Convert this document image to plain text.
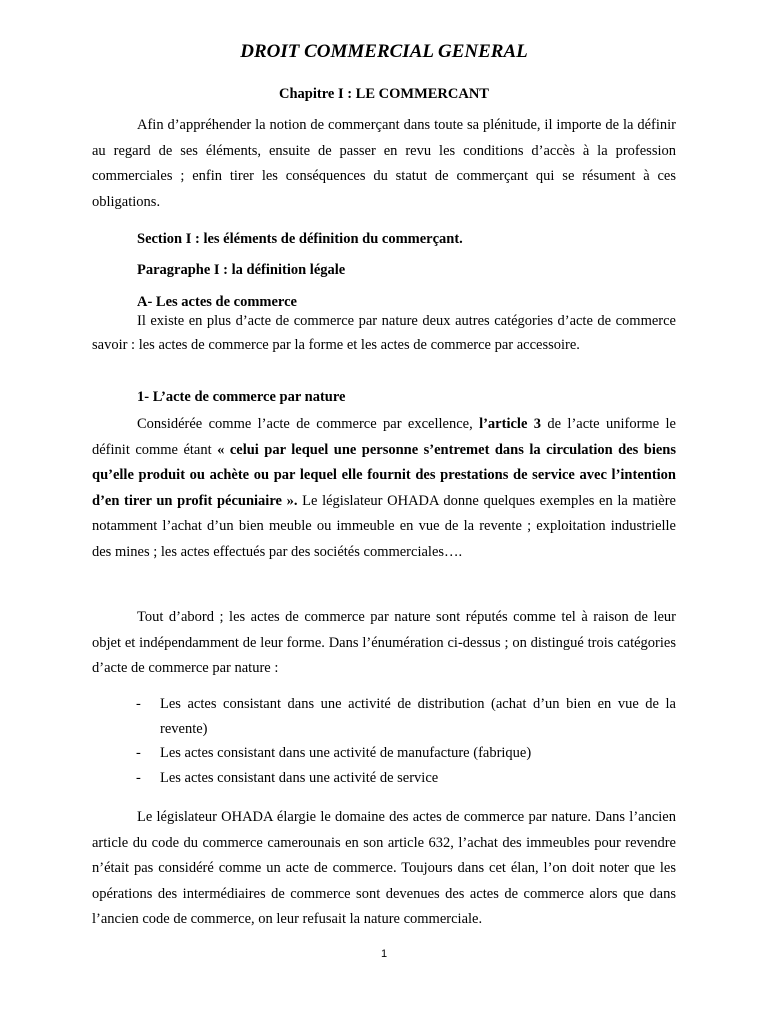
DROIT COMMERCIAL GENERAL
Chapitre I : LE COMMERCANT

Afin d’appréhender la notion de commerçant dans toute sa plénitude, il importe de la définir au regard de ses éléments, ensuite de passer en revu les conditions d’accès à la profession commerciales ; enfin tirer les conséquences du statut de commerçant qui se résument à ces obligations.

Section I : les éléments de définition du commerçant.
Paragraphe I : la définition légale
A- Les actes de commerce

Il existe en plus d’acte de commerce par nature deux autres catégories d’acte de commerce savoir : les actes de commerce par la forme et les actes de commerce par accessoire.

1- L’acte de commerce par nature

Considérée comme l’acte de commerce par excellence, l’article 3 de l’acte uniforme le définit comme étant « celui par lequel une personne s’entremet dans la circulation des biens qu’elle produit ou achète ou par lequel elle fournit des prestations de service avec l’intention d’en tirer un profit pécuniaire ». Le législateur OHADA donne quelques exemples en la matière notamment l’achat d’un bien meuble ou immeuble en vue de la revente ; exploitation industrielle des mines ; les actes effectués par des sociétés commerciales….

Tout d’abord ; les actes de commerce par nature sont réputés comme tel à raison de leur objet et indépendamment de leur forme. Dans l’énumération ci-dessus ; on distingué trois catégories d’acte de commerce par nature :

- Les actes consistant dans une activité de distribution (achat d’un bien en vue de la revente)
- Les actes consistant dans une activité de manufacture (fabrique)
- Les actes consistant dans une activité de service

Le législateur OHADA élargie le domaine des actes de commerce par nature. Dans l’ancien article du code du commerce camerounais en son article 632, l’achat des immeubles pour revendre n’était pas considéré comme un acte de commerce. Toujours dans cet élan, l’on doit noter que les opérations des intermédiaires de commerce sont devenues des actes de commerce alors que dans l’ancien code de commerce, on leur refusait la nature commerciale.

1
